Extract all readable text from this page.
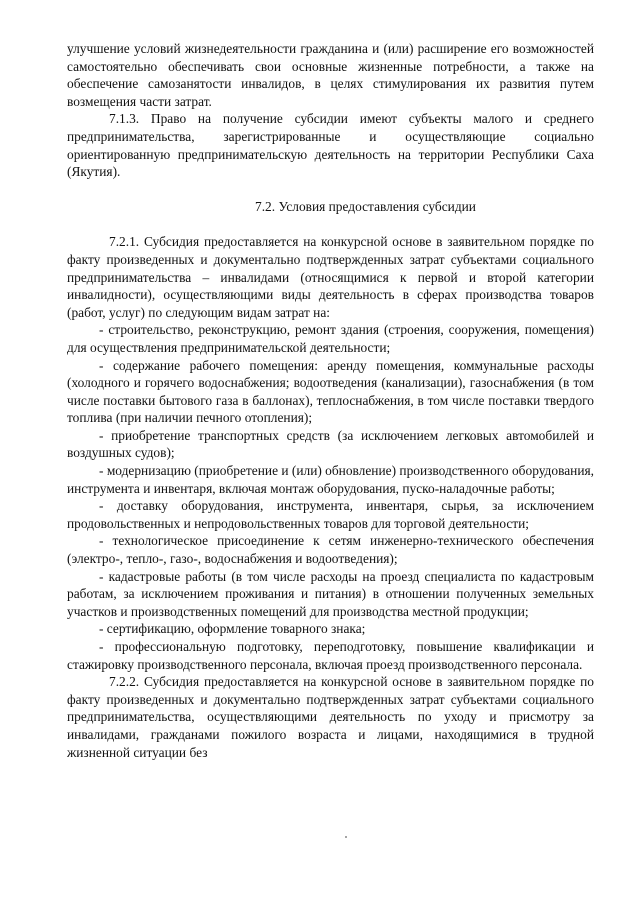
улучшение условий жизнедеятельности гражданина и (или) расширение его возможностей самостоятельно обеспечивать свои основные жизненные потребности, а также на обеспечение самозанятости инвалидов, в целях стимулирования их развития путем возмещения части затрат.

7.1.3. Право на получение субсидии имеют субъекты малого и среднего предпринимательства, зарегистрированные и осуществляющие социально ориентированную предпринимательскую деятельность на территории Республики Саха (Якутия).

7.2. Условия предоставления субсидии

7.2.1. Субсидия предоставляется на конкурсной основе в заявительном порядке по факту произведенных и документально подтвержденных затрат субъектами социального предпринимательства – инвалидами (относящимися к первой и второй категории инвалидности), осуществляющими виды деятельность в сферах производства товаров (работ, услуг) по следующим видам затрат на:

- строительство, реконструкцию, ремонт здания (строения, сооружения, помещения) для осуществления предпринимательской деятельности;

- содержание рабочего помещения: аренду помещения, коммунальные расходы (холодного и горячего водоснабжения; водоотведения (канализации), газоснабжения (в том числе поставки бытового газа в баллонах), теплоснабжения, в том числе поставки твердого топлива (при наличии печного отопления);

- приобретение транспортных средств (за исключением легковых автомобилей и воздушных судов);

- модернизацию (приобретение и (или) обновление) производственного оборудования, инструмента и инвентаря, включая монтаж оборудования, пуско-наладочные работы;

- доставку оборудования, инструмента, инвентаря, сырья, за исключением продовольственных и непродовольственных товаров для торговой деятельности;

- технологическое присоединение к сетям инженерно-технического обеспечения (электро-, тепло-, газо-, водоснабжения и водоотведения);

- кадастровые работы (в том числе расходы на проезд специалиста по кадастровым работам, за исключением проживания и питания) в отношении полученных земельных участков и производственных помещений для производства местной продукции;

- сертификацию, оформление товарного знака;

- профессиональную подготовку, переподготовку, повышение квалификации и стажировку производственного персонала, включая проезд производственного персонала.

7.2.2. Субсидия предоставляется на конкурсной основе в заявительном порядке по факту произведенных и документально подтвержденных затрат субъектами социального предпринимательства, осуществляющими деятельность по уходу и присмотру за инвалидами, гражданами пожилого возраста и лицами, находящимися в трудной жизненной ситуации без
